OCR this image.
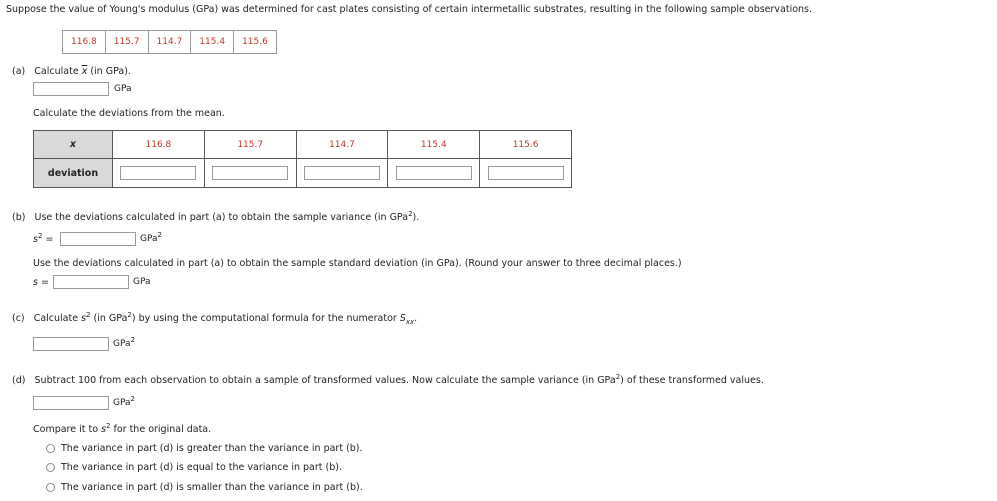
Suppose the value of Young's modulus (GPa) was determined for cast plates consisting of certain intermetallic substrates, resulting in the following sample observations.
116.8	115.7	114.7	115.4	115.6
(a) Calculate $\overline{x}$ (in GPa).
GPa
Calculate the deviations from the mean.
x	116.8	115.7	114.7	115.4	115.6
deviation					
(b) Use the deviations calculated in part (a) to obtain the sample variance (in GPa$^2$).
$s^2$ =	GPa$^2$
Use the deviations calculated in part (a) to obtain the sample standard deviation (in GPa). (Round your answer to three decimal places.)
s =	GPa
(c) Calculate $s^2$ (in GPa$^2$) by using the computational formula for the numerator $S_{xx}$.
GPa$^2$
(d) Subtract 100 from each observation to obtain a sample of transformed values. Now calculate the sample variance (in GPa$^2$) of these transformed values.
GPa$^2$
Compare it to $s^2$ for the original data.
The variance in part (d) is greater than the variance in part (b).
The variance in part (d) is equal to the variance in part (b).
The variance in part (d) is smaller than the variance in part (b).
